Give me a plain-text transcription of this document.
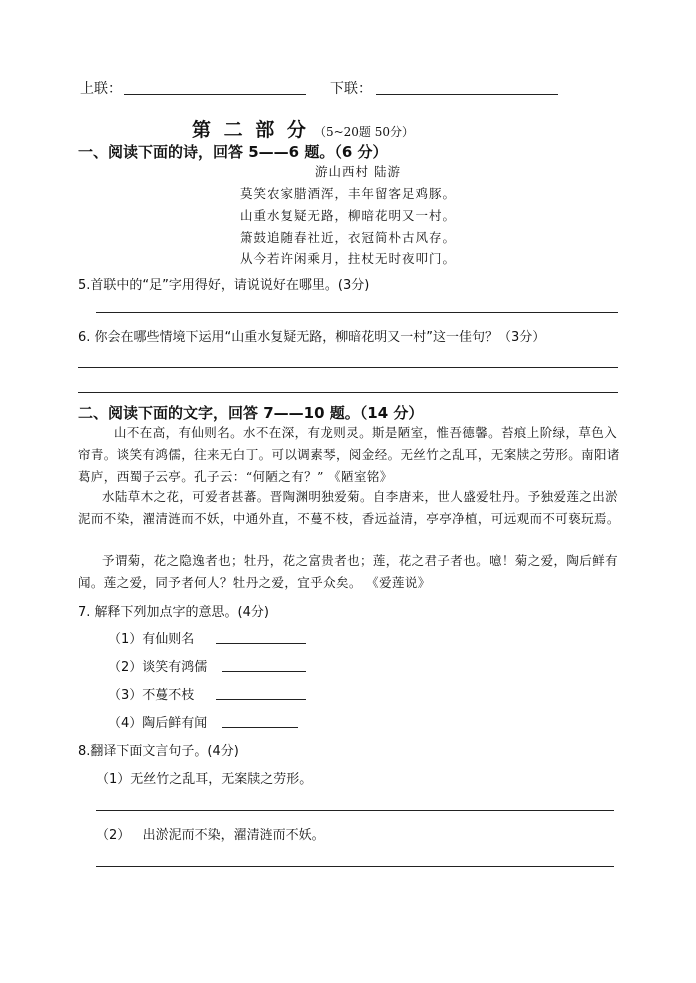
上联：	下联：
第 二 部 分 （5~20题 50分）
一、阅读下面的诗，回答 5——6 题。（6 分）
游山西村 陆游
莫笑农家腊酒浑，丰年留客足鸡豚。
山重水复疑无路，柳暗花明又一村。
箫鼓追随春社近，衣冠简朴古风存。
从今若许闲乘月，拄杖无时夜叩门。
5.首联中的“足”字用得好，请说说好在哪里。(3分)
6. 你会在哪些情境下运用“山重水复疑无路，柳暗花明又一村”这一佳句？（3分）
二、阅读下面的文字，回答 7——10 题。（14 分）
山不在高，有仙则名。水不在深，有龙则灵。斯是陋室，惟吾德馨。苔痕上阶绿，草色入帘青。谈笑有鸿儒，往来无白丁。可以调素琴，阅金经。无丝竹之乱耳，无案牍之劳形。南阳诸葛庐，西蜀子云亭。孔子云：“何陋之有？” 《陋室铭》
水陆草木之花，可爱者甚蕃。晋陶渊明独爱菊。自李唐来，世人盛爱牡丹。予独爱莲之出淤泥而不染，濯清涟而不妖，中通外直，不蔓不枝，香远益清，亭亭净植，可远观而不可亵玩焉。
予谓菊，花之隐逸者也；牡丹，花之富贵者也；莲，花之君子者也。噫！菊之爱，陶后鲜有闻。莲之爱，同予者何人？牡丹之爱，宜乎众矣。 《爱莲说》
7. 解释下列加点字的意思。(4分)
（1）有仙则名
（2）谈笑有鸿儒
（3）不蔓不枝
（4）陶后鲜有闻
8.翻译下面文言句子。(4分)
（1）无丝竹之乱耳，无案牍之劳形。
（2）   出淤泥而不染，濯清涟而不妖。
